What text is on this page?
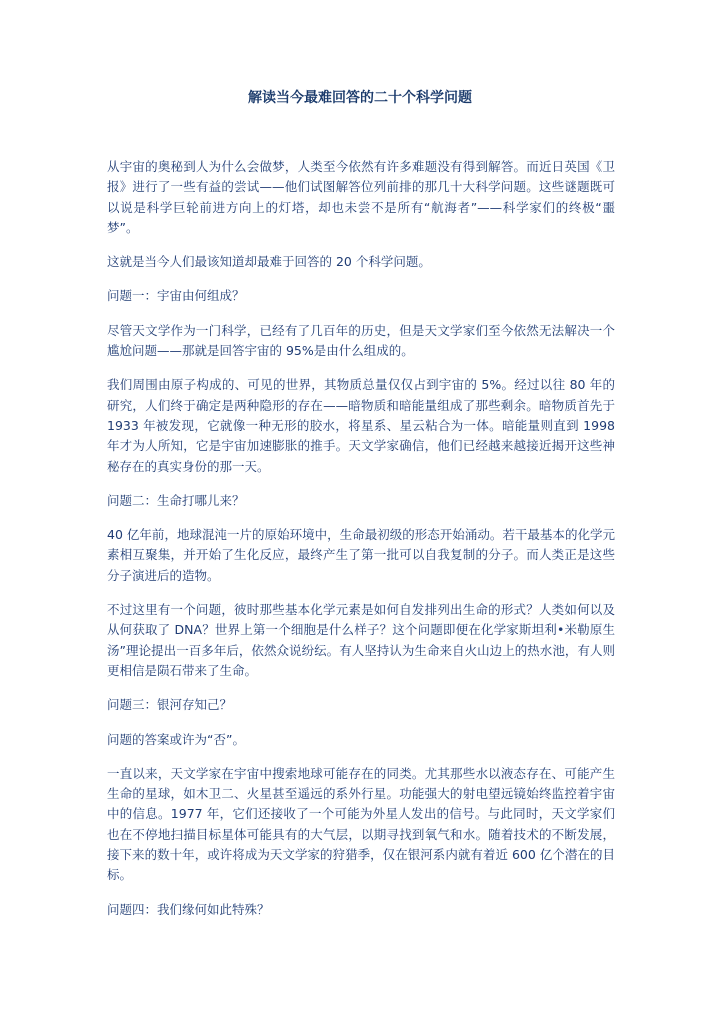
解读当今最难回答的二十个科学问题

从宇宙的奥秘到人为什么会做梦，人类至今依然有许多难题没有得到解答。而近日英国《卫报》进行了一些有益的尝试——他们试图解答位列前排的那几十大科学问题。这些谜题既可以说是科学巨轮前进方向上的灯塔，却也未尝不是所有“航海者”——科学家们的终极“噩梦”。

这就是当今人们最该知道却最难于回答的 20 个科学问题。

问题一：宇宙由何组成？

尽管天文学作为一门科学，已经有了几百年的历史，但是天文学家们至今依然无法解决一个尴尬问题——那就是回答宇宙的 95%是由什么组成的。

我们周围由原子构成的、可见的世界，其物质总量仅仅占到宇宙的 5%。经过以往 80 年的研究，人们终于确定是两种隐形的存在——暗物质和暗能量组成了那些剩余。暗物质首先于 1933 年被发现，它就像一种无形的胶水，将星系、星云粘合为一体。暗能量则直到 1998 年才为人所知，它是宇宙加速膨胀的推手。天文学家确信，他们已经越来越接近揭开这些神秘存在的真实身份的那一天。

问题二：生命打哪儿来？

40 亿年前，地球混沌一片的原始环境中，生命最初级的形态开始涌动。若干最基本的化学元素相互聚集，并开始了生化反应，最终产生了第一批可以自我复制的分子。而人类正是这些分子演进后的造物。

不过这里有一个问题，彼时那些基本化学元素是如何自发排列出生命的形式？人类如何以及从何获取了 DNA？世界上第一个细胞是什么样子？这个问题即便在化学家斯坦利•米勒原生汤”理论提出一百多年后，依然众说纷纭。有人坚持认为生命来自火山边上的热水池，有人则更相信是陨石带来了生命。

问题三：银河存知己？

问题的答案或许为“否”。

一直以来，天文学家在宇宙中搜索地球可能存在的同类。尤其那些水以液态存在、可能产生生命的星球，如木卫二、火星甚至遥远的系外行星。功能强大的射电望远镜始终监控着宇宙中的信息。1977 年，它们还接收了一个可能为外星人发出的信号。与此同时，天文学家们也在不停地扫描目标星体可能具有的大气层，以期寻找到氧气和水。随着技术的不断发展，接下来的数十年，或许将成为天文学家的狩猎季，仅在银河系内就有着近 600 亿个潜在的目标。

问题四：我们缘何如此特殊？
